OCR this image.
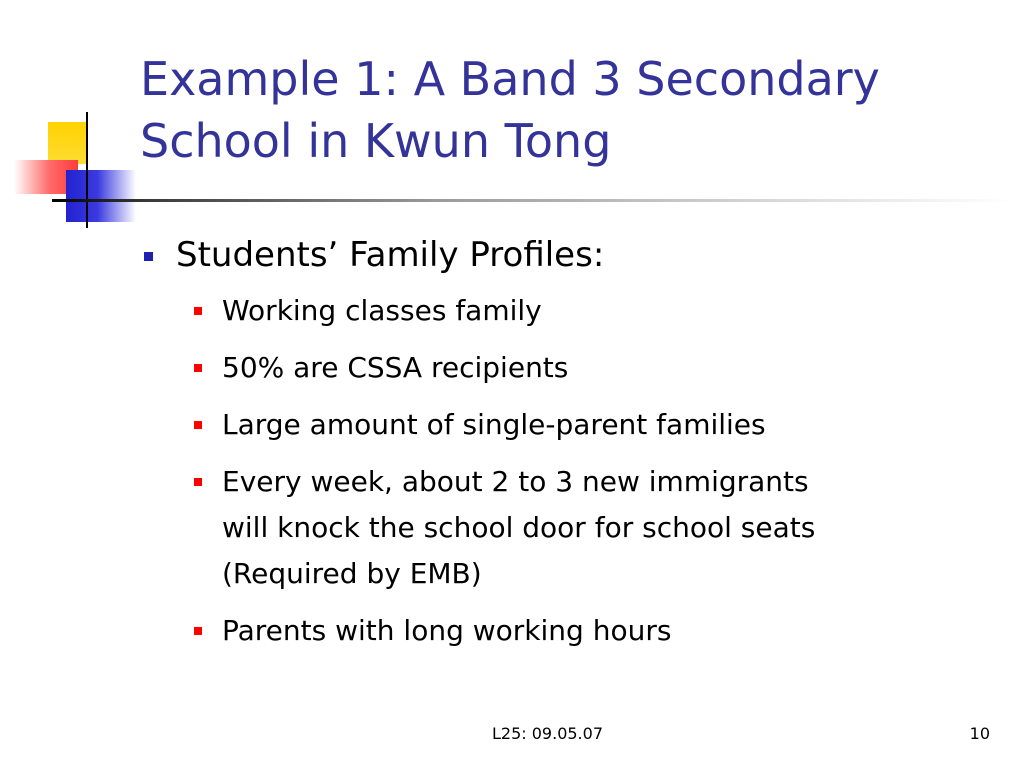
Example 1: A Band 3 Secondary
School in Kwun Tong
Students’ Family Profiles:
Working classes family
50% are CSSA recipients
Large amount of single-parent families
Every week, about 2 to 3 new immigrants
will knock the school door for school seats
(Required by EMB)
Parents with long working hours
L25: 09.05.07	10
